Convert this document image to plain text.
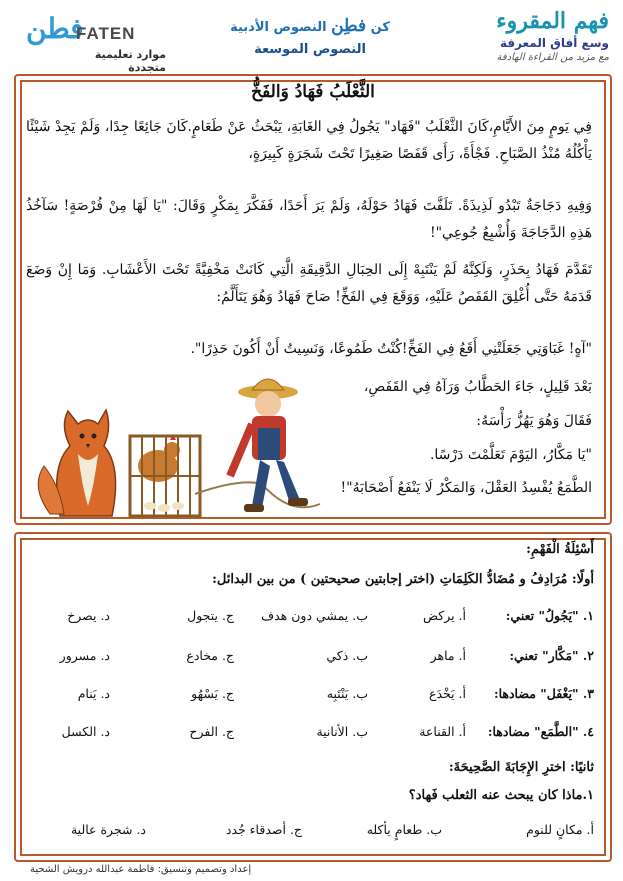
فطن
FATEN
موارد تعليمية متجددة
كن فطِن النصوص الأدبية
النصوص الموسعة
فهم المقروء
وسع أفاق المعرفة
مع مزيد من القراءة الهادفة
الثَّعْلَبُ فَهَادُ وَالفَخُّ

فِي يَومٍ مِنَ الأَيَّامِ،كَانَ الثَّعْلَبُ "فَهَاد" يَجُولُ فِي الغَابَةِ، يَبْحَثُ عَنْ طَعَامٍ.كَانَ جَائِعًا جِدًا، وَلَمْ يَجِدْ شَيْئًا يَأْكُلُهُ مُنْذُ الصَّبَاحِ. فَجْأَةً، رَأَى قَفَصًا صَغِيرًا تَحْتَ شَجَرَةٍ كَبِيرَةٍ،

وَفِيهِ دَجَاجَةٌ تَبْدُو لَذِيذَةً. تَلَفَّتَ فَهَادُ حَوْلَهُ، وَلَمْ يَرَ أَحَدًا، فَفَكَّرَ بِمَكْرٍ وَقَالَ: "يَا لَهَا مِنْ فُرْصَةٍ! سَآخُذُ هَذِهِ الدَّجَاجَةَ وَأُشْبِعُ جُوعِي"!

تَقَدَّمَ فَهَادُ بِحَذَرٍ، وَلَكِنَّهُ لَمْ يَنْتَبِهْ إِلَى الحِبَالِ الدَّقِيقَةِ الَّتِي كَانَتْ مَخْفِيَّةً تَحْتَ الأَعْشَابِ. وَمَا إِنْ وَضَعَ قَدَمَهُ حَتَّى أُغْلِقَ القَفَصُ عَلَيْهِ، وَوَقَعَ فِي الفَخِّ! صَاحَ فَهَادُ وَهُوَ يَتَأَلَّمُ:

"آهٍ! غَبَاوَتِي جَعَلَتْنِي أَقَعُ فِي الفَخِّ!كُنْتُ طَمُوعًا، وَنَسِيتُ أَنْ أَكُونَ حَذِرًا".

بَعْدَ قَلِيلٍ، جَاءَ الحَطَّابُ وَرَآهُ فِي القَفَصِ،

فَقَالَ وَهُوَ يَهُزُّ رَأْسَهُ:

"يَا مَكَّارُ، اليَوْمَ تَعَلَّمْتَ دَرْسًا.

الطَّمَعُ يُفْسِدُ العَقْلَ، وَالمَكْرُ لَا يَنْفَعُ أَصْحَابَهُ"!

أَسْئِلَةُ الْفَهْمِ:
أولًا: مُرَادِفُ و مُضَادُّ الكَلِمَاتِ (اختر إجابتين صحيحتين ) من بين البدائل:
١. "يَجُولُ" تعني:
أ. يركض
ب. يمشي دون هدف
ج. يتجول
د. يصرخ
٢. "مَكَّار" تعني:
أ. ماهر
ب. ذكي
ج. مخادع
د. مسرور
٣. "يَغْفَل" مضادها:
أ. يَخْدَع
ب. يَنْتَبِه
ج. يَسْهُو
د. يَنام
٤. "الطَّمَع" مضادها:
أ. القناعة
ب. الأنانية
ج. الفرح
د. الكسل
ثانيًا: اخترِ الإِجَابَةَ الصَّحِيحَةَ:
١.ماذا كان يبحث عنه الثعلب فَهاد؟
أ. مكانٍ للنوم
ب. طعامٍ يأكله
ج. أصدقاء جُدد
د. شجرة عالية
إعداد وتصميم وتنسيق: فاطمة عبدالله درويش الشحية
